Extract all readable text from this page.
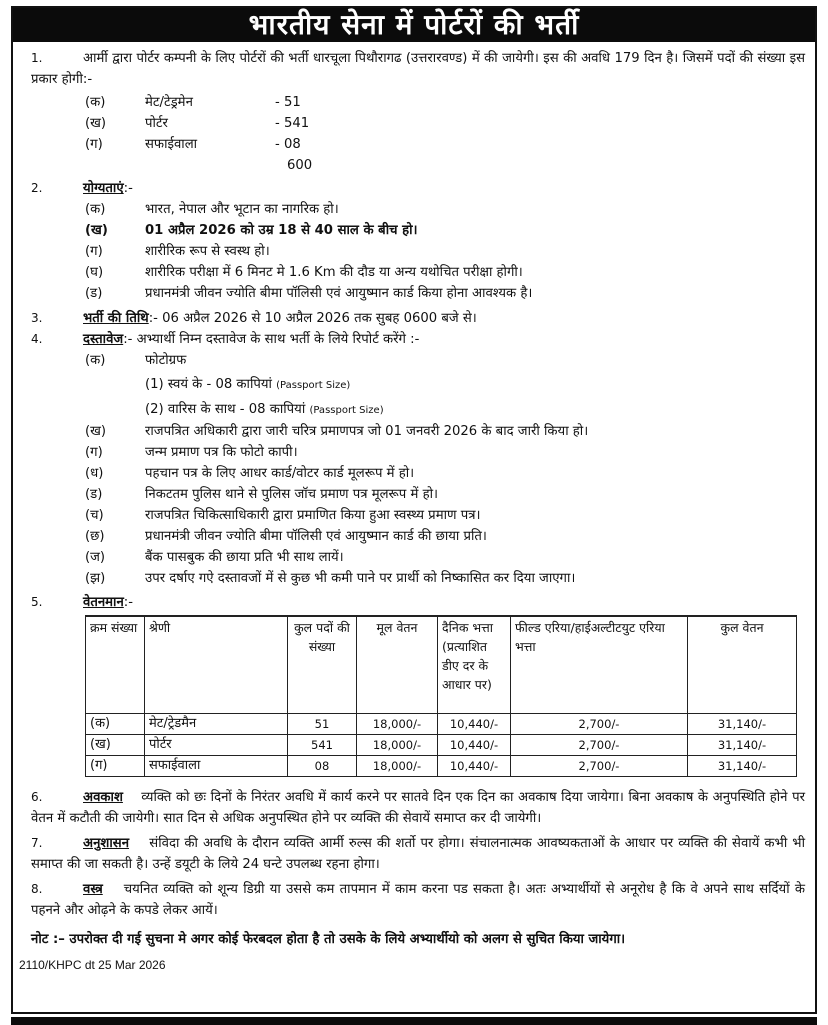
भारतीय सेना में पोर्टरों की भर्ती
1.	आर्मी द्वारा पोर्टर कम्पनी के लिए पोर्टरों की भर्ती धारचूला पिथौरागढ (उत्तरारवण्ड) में की जायेगी। इस की अवधि 179 दिन है। जिसमें पदों की संख्या इस प्रकार होगी:-
(क)	मेट/टेड्रमेन	- 51
(ख)	पोर्टर	- 541
(ग)	सफाईवाला	- 08
600
2.	योग्यताएं:-
(क)	भारत, नेपाल और भूटान का नागरिक हो।
(ख)	01 अप्रैल 2026 को उम्र 18 से 40 साल के बीच हो।
(ग)	शारीरिक रूप से स्वस्थ हो।
(घ)	शारीरिक परीक्षा में 6 मिनट मे 1.6 Km की दौड या अन्य यथोचित परीक्षा होगी।
(ड)	प्रधानमंत्री जीवन ज्योति बीमा पॉलिसी एवं आयुष्मान कार्ड किया होना आवश्यक है।
3.	भर्ती की तिथि:- 06 अप्रैल 2026 से 10 अप्रैल 2026 तक सुबह 0600 बजे से।
4.	दस्तावेज:- अभ्यार्थी निम्न दस्तावेज के साथ भर्ती के लिये रिपोर्ट करेंगे :-
(क)	फोटोग्रफ
(1) स्वयं के - 08 कापियां (Passport Size)
(2) वारिस के साथ - 08 कापियां (Passport Size)
(ख)	राजपत्रित अधिकारी द्वारा जारी चरित्र प्रमाणपत्र जो 01 जनवरी 2026 के बाद जारी किया हो।
(ग)	जन्म प्रमाण पत्र कि फोटो कापी।
(ध)	पहचान पत्र के लिए आधर कार्ड/वोटर कार्ड मूलरूप में हो।
(ड)	निकटतम पुलिस थाने से पुलिस जॉच प्रमाण पत्र मूलरूप में हो।
(च)	राजपत्रित चिकित्साधिकारी द्वारा प्रमाणित किया हुआ स्वस्थ्य प्रमाण पत्र।
(छ)	प्रधानमंत्री जीवन ज्योति बीमा पॉलिसी एवं आयुष्मान कार्ड की छाया प्रति।
(ज)	बैंक पासबुक की छाया प्रति भी साथ लायें।
(झ)	उपर दर्षाए गऐ दस्तावजों में से कुछ भी कमी पाने पर प्रार्थी को निष्कासित कर दिया जाएगा।
5.	वेतनमान:-
क्रम संख्या	श्रेणी	कुल पदों की संख्या	मूल वेतन	दैनिक भत्ता (प्रत्याशित डीए दर के आधार पर)	फील्ड एरिया/हाईअल्टीटयुट एरिया भत्ता	कुल वेतन
(क)	मेट/ट्रेडमैन	51	18,000/-	10,440/-	2,700/-	31,140/-
(ख)	पोर्टर	541	18,000/-	10,440/-	2,700/-	31,140/-
(ग)	सफाईवाला	08	18,000/-	10,440/-	2,700/-	31,140/-
6.	अवकाश व्यक्ति को छः दिनों के निरंतर अवधि में कार्य करने पर सातवे दिन एक दिन का अवकाष दिया जायेगा। बिना अवकाष के अनुपस्थिति होने पर वेतन में कटौती की जायेगी। सात दिन से अधिक अनुपस्थित होने पर व्यक्ति की सेवायें समाप्त कर दी जायेगी।
7.	अनुशासन संविदा की अवधि के दौरान व्यक्ति आर्मी रुल्स की शर्तो पर होगा। संचालनात्मक आवष्यकताओं के आधार पर व्यक्ति की सेवायें कभी भी समाप्त की जा सकती है। उन्हें डयूटी के लिये 24 घन्टे उपलब्ध रहना होगा।
8.	वस्त्र चयनित व्यक्ति को शून्य डिग्री या उससे कम तापमान में काम करना पड सकता है। अतः अभ्यार्थीयों से अनूरोध है कि वे अपने साथ सर्दियों के पहनने और ओढ़ने के कपडे लेकर आयें।
नोट :– उपरोक्त दी गई सुचना मे अगर कोई फेरबदल होता है तो उसके के लिये अभ्यार्थीयो को अलग से सुचित किया जायेगा।
2110/KHPC dt 25 Mar 2026
